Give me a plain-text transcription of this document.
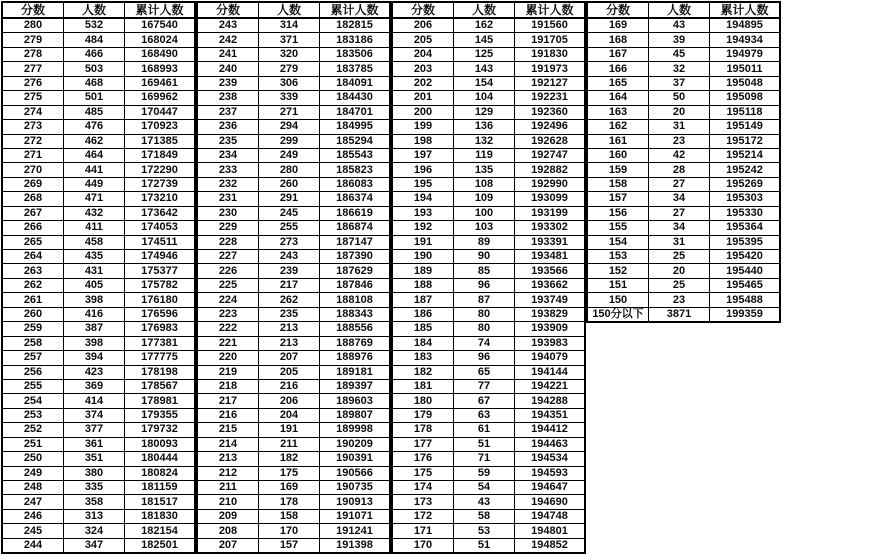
分数	人数	累计人数
280	532	167540
279	484	168024
278	466	168490
277	503	168993
276	468	169461
275	501	169962
274	485	170447
273	476	170923
272	462	171385
271	464	171849
270	441	172290
269	449	172739
268	471	173210
267	432	173642
266	411	174053
265	458	174511
264	435	174946
263	431	175377
262	405	175782
261	398	176180
260	416	176596
259	387	176983
258	398	177381
257	394	177775
256	423	178198
255	369	178567
254	414	178981
253	374	179355
252	377	179732
251	361	180093
250	351	180444
249	380	180824
248	335	181159
247	358	181517
246	313	181830
245	324	182154
244	347	182501
分数	人数	累计人数
243	314	182815
242	371	183186
241	320	183506
240	279	183785
239	306	184091
238	339	184430
237	271	184701
236	294	184995
235	299	185294
234	249	185543
233	280	185823
232	260	186083
231	291	186374
230	245	186619
229	255	186874
228	273	187147
227	243	187390
226	239	187629
225	217	187846
224	262	188108
223	235	188343
222	213	188556
221	213	188769
220	207	188976
219	205	189181
218	216	189397
217	206	189603
216	204	189807
215	191	189998
214	211	190209
213	182	190391
212	175	190566
211	169	190735
210	178	190913
209	158	191071
208	170	191241
207	157	191398
分数	人数	累计人数
206	162	191560
205	145	191705
204	125	191830
203	143	191973
202	154	192127
201	104	192231
200	129	192360
199	136	192496
198	132	192628
197	119	192747
196	135	192882
195	108	192990
194	109	193099
193	100	193199
192	103	193302
191	89	193391
190	90	193481
189	85	193566
188	96	193662
187	87	193749
186	80	193829
185	80	193909
184	74	193983
183	96	194079
182	65	194144
181	77	194221
180	67	194288
179	63	194351
178	61	194412
177	51	194463
176	71	194534
175	59	194593
174	54	194647
173	43	194690
172	58	194748
171	53	194801
170	51	194852
分数	人数	累计人数
169	43	194895
168	39	194934
167	45	194979
166	32	195011
165	37	195048
164	50	195098
163	20	195118
162	31	195149
161	23	195172
160	42	195214
159	28	195242
158	27	195269
157	34	195303
156	27	195330
155	34	195364
154	31	195395
153	25	195420
152	20	195440
151	25	195465
150	23	195488
150分以下	3871	199359
